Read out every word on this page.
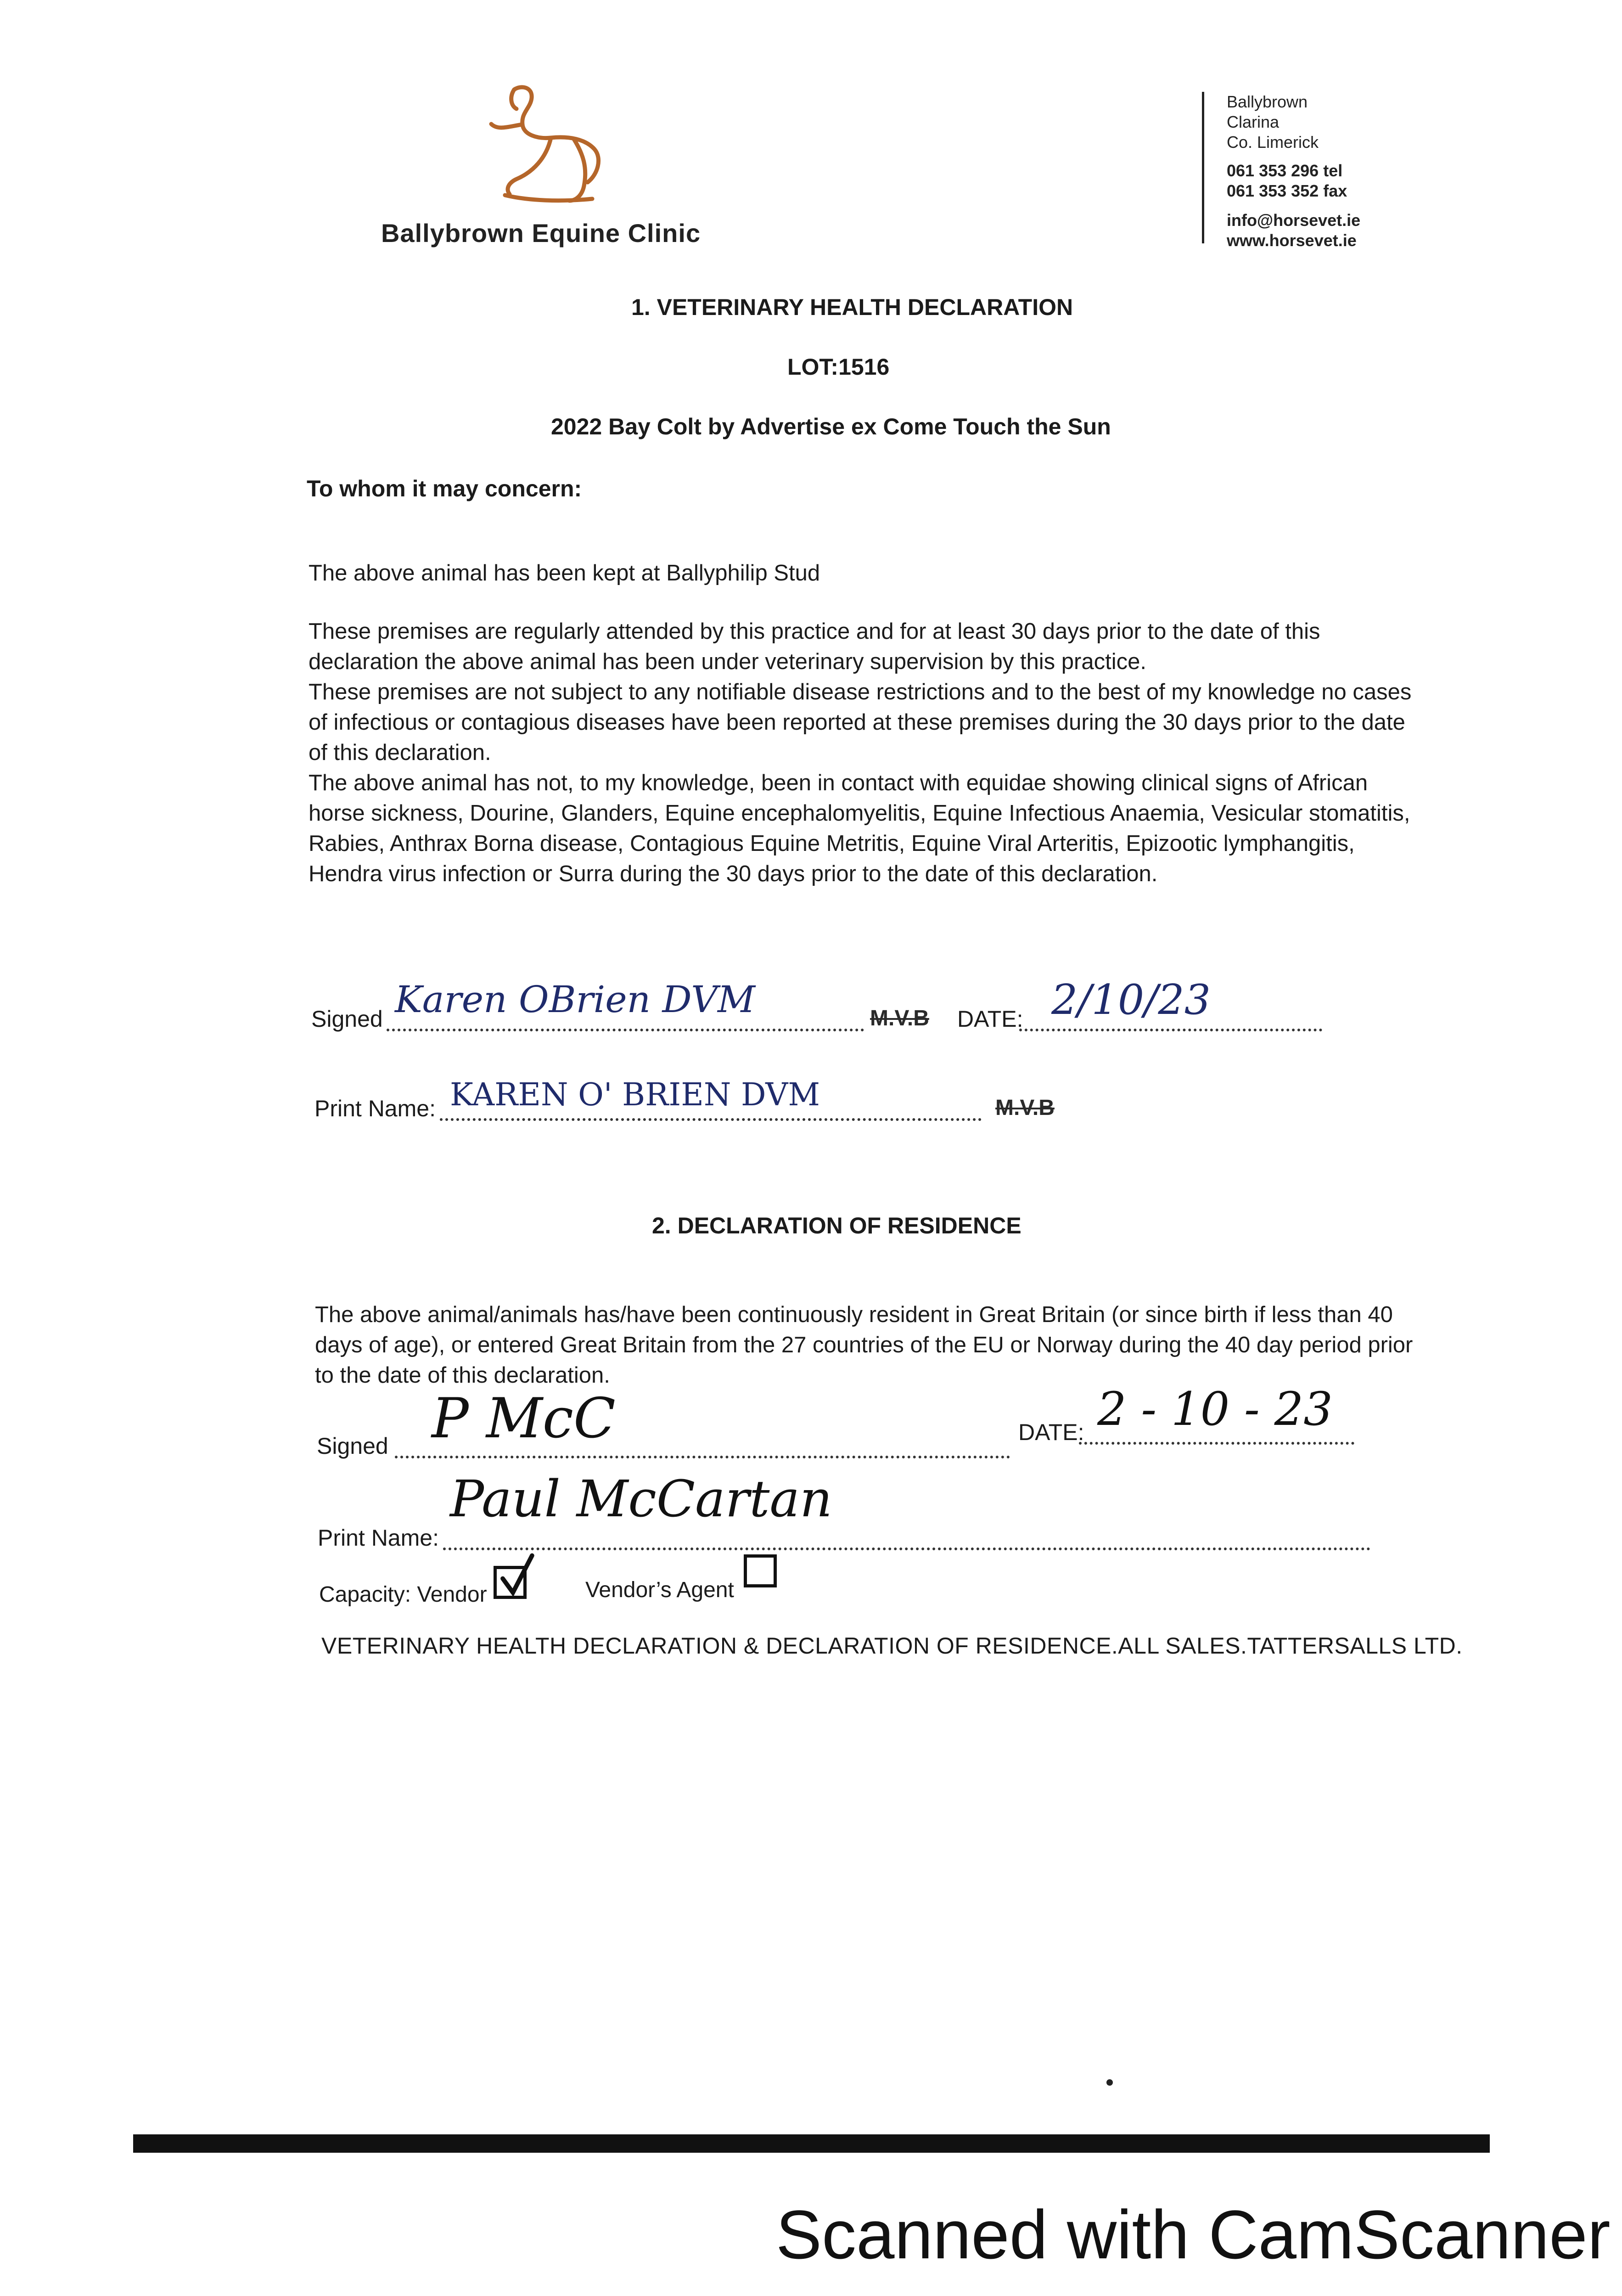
Ballybrown Equine Clinic
Ballybrown
Clarina
Co. Limerick
061 353 296 tel
061 353 352 fax
info@horsevet.ie
www.horsevet.ie
1. VETERINARY HEALTH DECLARATION
LOT:1516
2022 Bay Colt by Advertise ex Come Touch the Sun
To whom it may concern:
The above animal has been kept at Ballyphilip Stud

These premises are regularly attended by this practice and for at least 30 days prior to the date of this declaration the above animal has been under veterinary supervision by this practice.

These premises are not subject to any notifiable disease restrictions and to the best of my knowledge no cases of infectious or contagious diseases have been reported at these premises during the 30 days prior to the date of this declaration.

The above animal has not, to my knowledge, been in contact with equidae showing clinical signs of African horse sickness, Dourine, Glanders, Equine encephalomyelitis, Equine Infectious Anaemia, Vesicular stomatitis, Rabies, Anthrax Borna disease, Contagious Equine Metritis, Equine Viral Arteritis, Epizootic lymphangitis, Hendra virus infection or Surra during the 30 days prior to the date of this declaration.

Signed Karen OBrien DVM	M.V.B DATE: 2/10/23
Print Name: KAREN O' BRIEN DVM	M.V.B
2. DECLARATION OF RESIDENCE
The above animal/animals has/have been continuously resident in Great Britain (or since birth if less than 40 days of age), or entered Great Britain from the 27 countries of the EU or Norway during the 40 day period prior to the date of this declaration.
Signed P McC	DATE: 2 - 10 - 23
Print Name:
Paul McCartan
Capacity: Vendor	Vendor’s Agent
VETERINARY HEALTH DECLARATION & DECLARATION OF RESIDENCE.ALL SALES.TATTERSALLS LTD.
Scanned with CamScanner
